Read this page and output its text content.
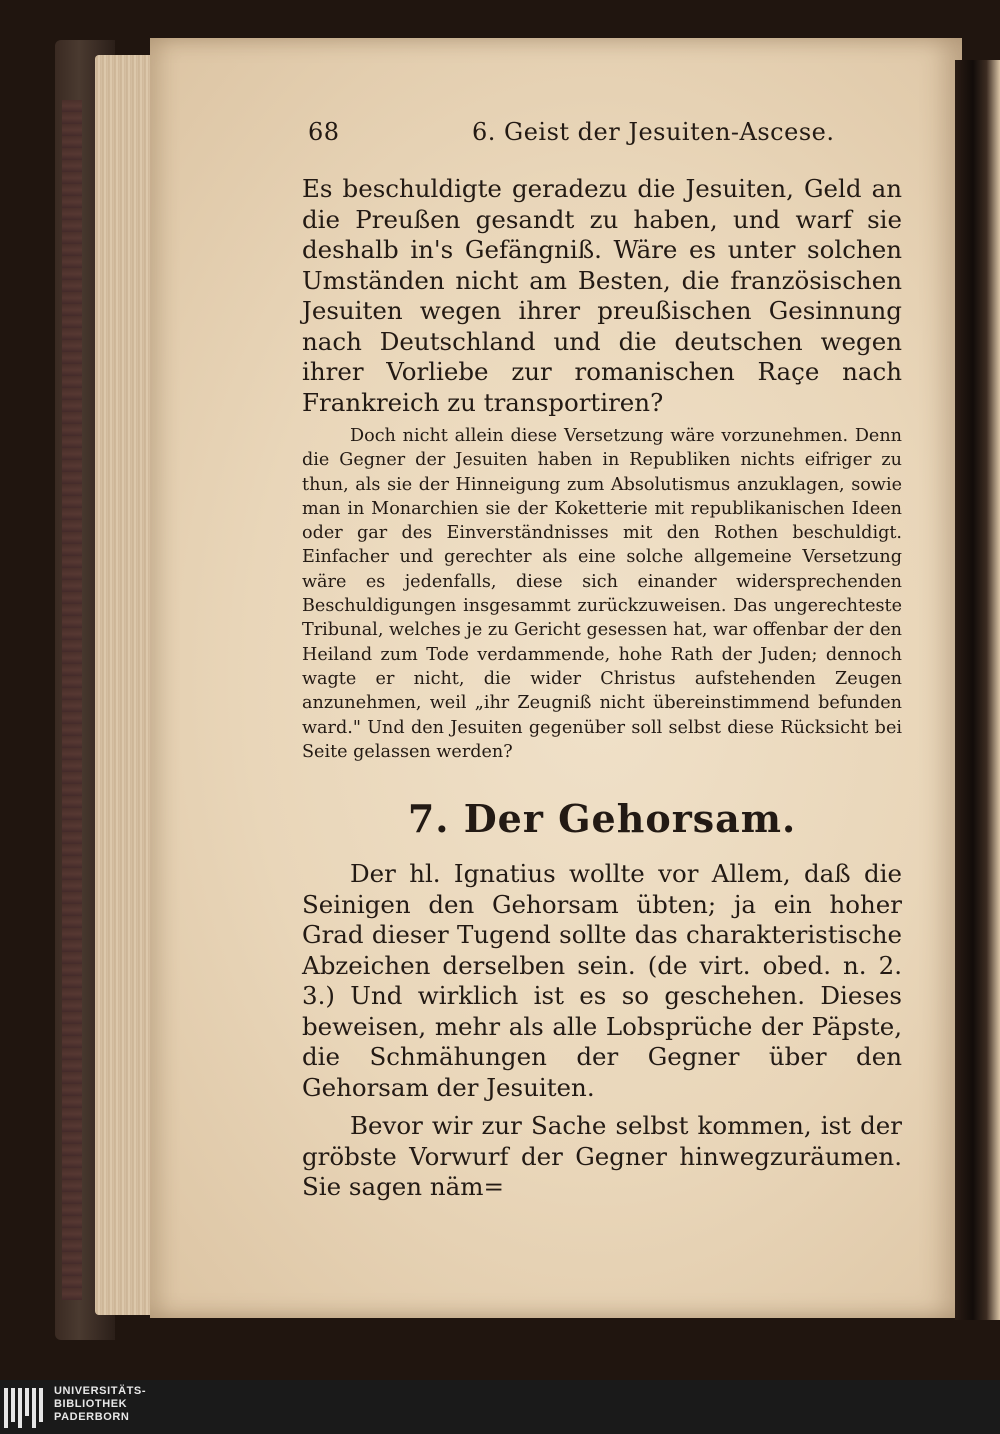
68	6. Geist der Jesuiten-Ascese.

Es beschuldigte geradezu die Jesuiten, Geld an die Preußen gesandt zu haben, und warf sie deshalb in's Gefängniß. Wäre es unter solchen Umständen nicht am Besten, die französischen Jesuiten wegen ihrer preußischen Gesinnung nach Deutschland und die deutschen wegen ihrer Vorliebe zur romanischen Raçe nach Frankreich zu transportiren?

Doch nicht allein diese Versetzung wäre vorzunehmen. Denn die Gegner der Jesuiten haben in Republiken nichts eifriger zu thun, als sie der Hinneigung zum Absolutismus anzuklagen, sowie man in Monarchien sie der Koketterie mit republikanischen Ideen oder gar des Einverständnisses mit den Rothen beschuldigt. Einfacher und gerechter als eine solche allgemeine Versetzung wäre es jedenfalls, diese sich einander widersprechenden Beschuldigungen insgesammt zurückzuweisen. Das ungerechteste Tribunal, welches je zu Gericht gesessen hat, war offenbar der den Heiland zum Tode verdammende, hohe Rath der Juden; dennoch wagte er nicht, die wider Christus aufstehenden Zeugen anzunehmen, weil „ihr Zeugniß nicht übereinstimmend befunden ward." Und den Jesuiten gegenüber soll selbst diese Rücksicht bei Seite gelassen werden?

7. Der Gehorsam.

Der hl. Ignatius wollte vor Allem, daß die Seinigen den Gehorsam übten; ja ein hoher Grad dieser Tugend sollte das charakteristische Abzeichen derselben sein. (de virt. obed. n. 2. 3.) Und wirklich ist es so geschehen. Dieses beweisen, mehr als alle Lobsprüche der Päpste, die Schmähungen der Gegner über den Gehorsam der Jesuiten.

Bevor wir zur Sache selbst kommen, ist der gröbste Vorwurf der Gegner hinwegzuräumen. Sie sagen näm=

UNIVERSITÄTS-
BIBLIOTHEK
PADERBORN
